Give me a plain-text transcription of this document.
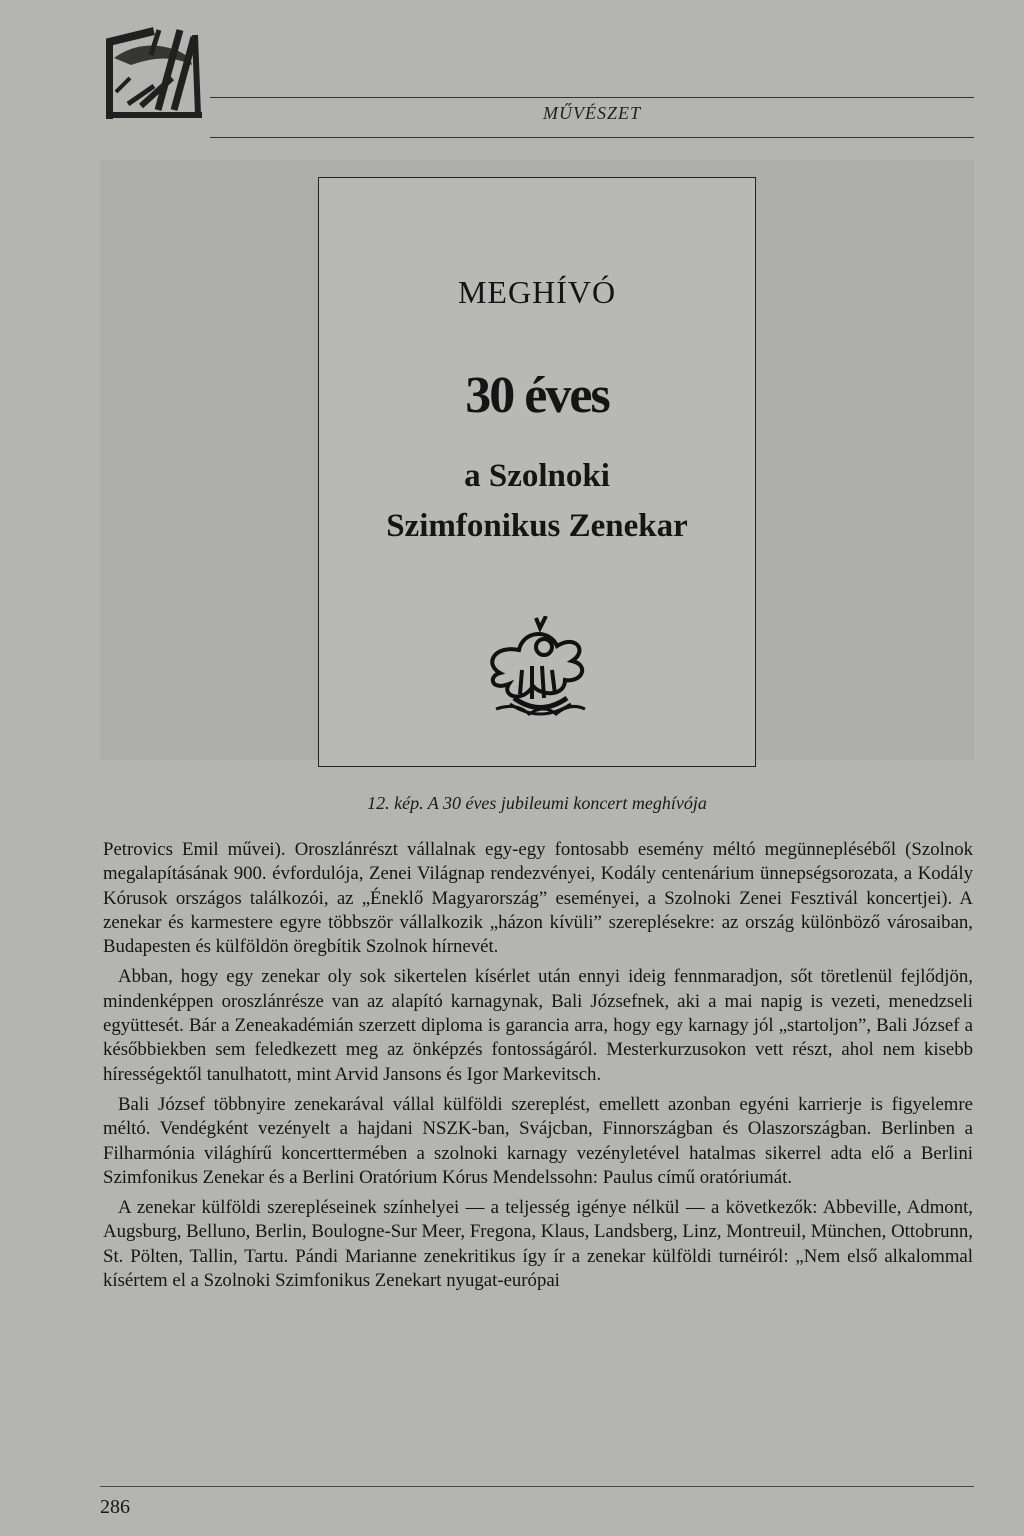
MŰVÉSZET
MEGHÍVÓ
30 éves
a Szolnoki
Szimfonikus Zenekar
12. kép. A 30 éves jubileumi koncert meghívója

Petrovics Emil művei). Oroszlánrészt vállalnak egy-egy fontosabb esemény méltó megünnepléséből (Szolnok megalapításának 900. évfordulója, Zenei Világnap rendezvényei, Kodály centenárium ünnepségsorozata, a Kodály Kórusok országos találkozói, az „Éneklő Magyarország” eseményei, a Szolnoki Zenei Fesztivál koncertjei). A zenekar és karmestere egyre többször vállalkozik „házon kívüli” szereplésekre: az ország különböző városaiban, Budapesten és külföldön öregbítik Szolnok hírnevét.

Abban, hogy egy zenekar oly sok sikertelen kísérlet után ennyi ideig fennmaradjon, sőt töretlenül fejlődjön, mindenképpen oroszlánrésze van az alapító karnagynak, Bali Józsefnek, aki a mai napig is vezeti, menedzseli együttesét. Bár a Zeneakadémián szerzett diploma is garancia arra, hogy egy karnagy jól „startoljon”, Bali József a későbbiekben sem feledkezett meg az önképzés fontosságáról. Mesterkurzusokon vett részt, ahol nem kisebb hírességektől tanulhatott, mint Arvid Jansons és Igor Markevitsch.

Bali József többnyire zenekarával vállal külföldi szereplést, emellett azonban egyéni karrierje is figyelemre méltó. Vendégként vezényelt a hajdani NSZK-ban, Svájcban, Finnországban és Olaszországban. Berlinben a Filharmónia világhírű koncerttermében a szolnoki karnagy vezényletével hatalmas sikerrel adta elő a Berlini Szimfonikus Zenekar és a Berlini Oratórium Kórus Mendelssohn: Paulus című oratóriumát.

A zenekar külföldi szerepléseinek színhelyei — a teljesség igénye nélkül — a következők: Abbeville, Admont, Augsburg, Belluno, Berlin, Boulogne-Sur Meer, Fregona, Klaus, Landsberg, Linz, Montreuil, München, Ottobrunn, St. Pölten, Tallin, Tartu. Pándi Marianne zenekritikus így ír a zenekar külföldi turnéiról: „Nem első alkalommal kísértem el a Szolnoki Szimfonikus Zenekart nyugat-európai

286
